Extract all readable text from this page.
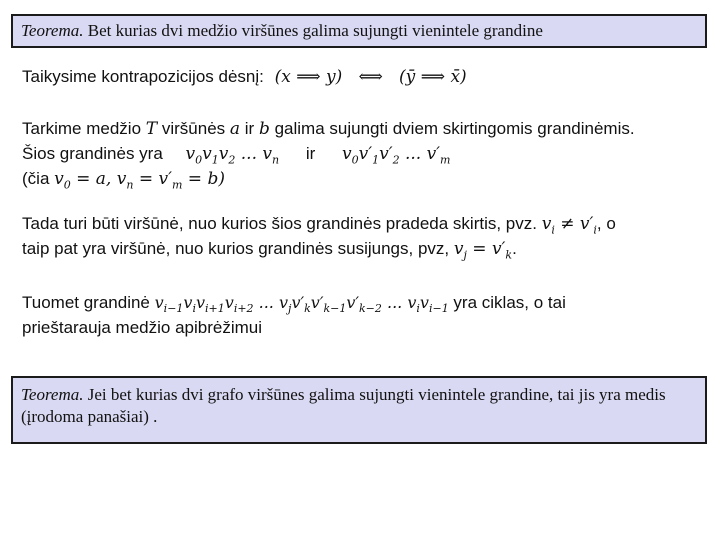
Teorema. Bet kurias dvi medžio viršūnes galima sujungti vienintele grandine
Taikysime kontrapozicijos dėsnį: (x ⟹ y)   ⟺   (ȳ ⟹ x̄)
Tarkime medžio T viršūnės a ir b galima sujungti dviem skirtingomis grandinėmis.
Šios grandinės yra $v_0v_1v_2$ ... $v_n$ ir $v_0v'_1v'_2$ ... $v'_m$
(čia $v_0 = a$, $v_n = v'_m = b$)
Tada turi būti viršūnė, nuo kurios šios grandinės pradeda skirtis, pvz. $v_i \ne v'_i$, o
taip pat yra viršūnė, nuo kurios grandinės susijungs, pvz, $v_j = v'_k$.
Tuomet grandinė $v_{i-1}v_iv_{i+1}v_{i+2}$ ... $v_jv'_kv'_{k-1}v'_{k-2}$ ... $v_iv_{i-1}$ yra ciklas, o tai
prieštarauja medžio apibrėžimui
Teorema. Jei bet kurias dvi grafo viršūnes galima sujungti vienintele grandine, tai jis yra medis (įrodoma panašiai) .
